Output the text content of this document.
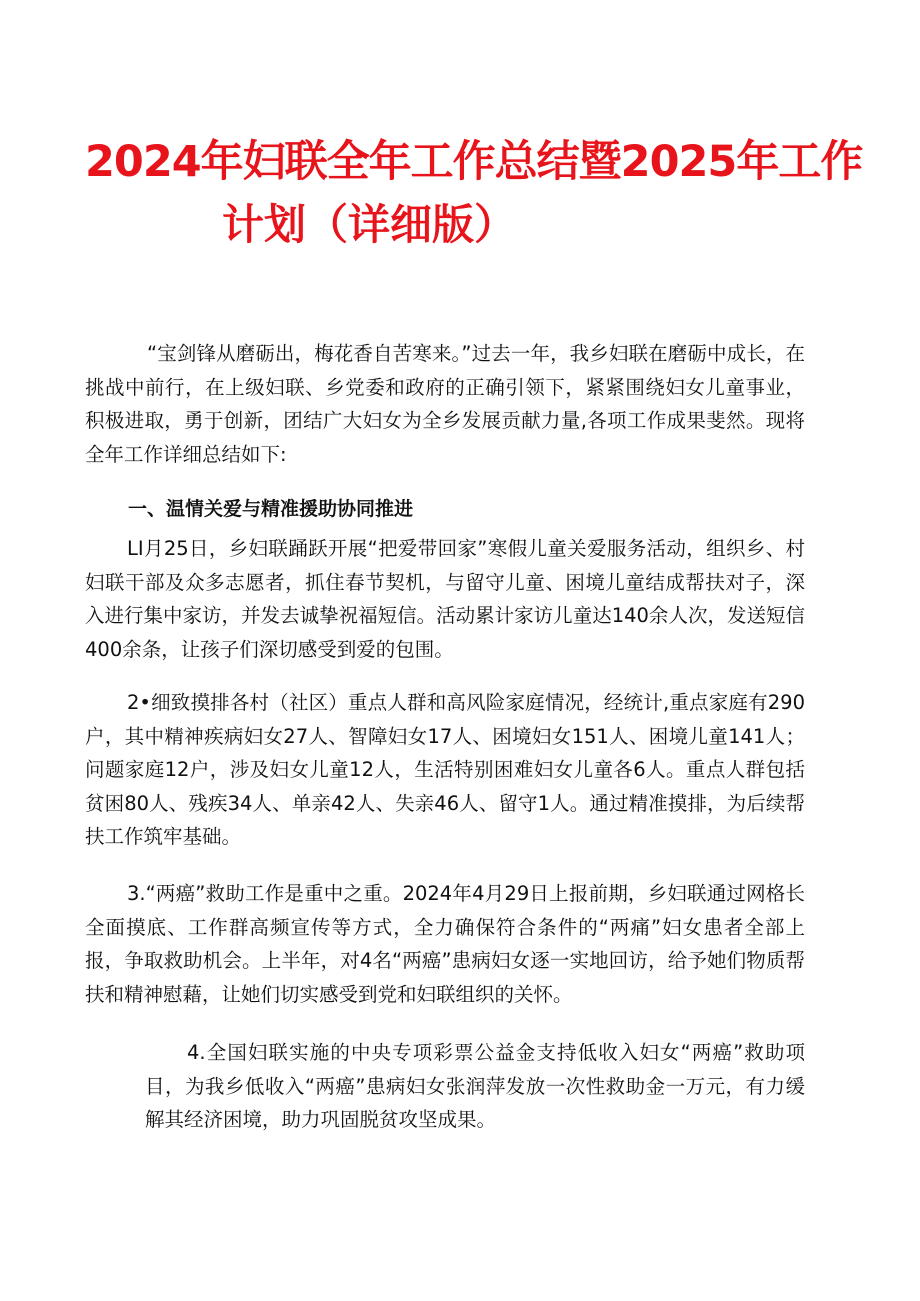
2024年妇联全年工作总结暨2025年工作
计划（详细版）

“宝剑锋从磨砺出，梅花香自苦寒来。”过去一年，我乡妇联在磨砺中成长，在挑战中前行，在上级妇联、乡党委和政府的正确引领下，紧紧围绕妇女儿童事业，积极进取，勇于创新，团结广大妇女为全乡发展贡献力量,各项工作成果斐然。现将全年工作详细总结如下:

一、温情关爱与精准援助协同推进

LI月25日，乡妇联踊跃开展“把爱带回家”寒假儿童关爱服务活动，组织乡、村妇联干部及众多志愿者，抓住春节契机，与留守儿童、困境儿童结成帮扶对子，深入进行集中家访，并发去诚挚祝福短信。活动累计家访儿童达140余人次，发送短信400余条，让孩子们深切感受到爱的包围。

2•细致摸排各村（社区）重点人群和高风险家庭情况，经统计,重点家庭有290户，其中精神疾病妇女27人、智障妇女17人、困境妇女151人、困境儿童141人；问题家庭12户，涉及妇女儿童12人，生活特别困难妇女儿童各6人。重点人群包括贫困80人、残疾34人、单亲42人、失亲46人、留守1人。通过精准摸排，为后续帮扶工作筑牢基础。

3.“两癌”救助工作是重中之重。2024年4月29日上报前期，乡妇联通过网格长全面摸底、工作群高频宣传等方式，全力确保符合条件的“两痛”妇女患者全部上报，争取救助机会。上半年，对4名“两癌”患病妇女逐一实地回访，给予她们物质帮扶和精神慰藉，让她们切实感受到党和妇联组织的关怀。

4.全国妇联实施的中央专项彩票公益金支持低收入妇女“两癌”救助项目，为我乡低收入“两癌”患病妇女张润萍发放一次性救助金一万元，有力缓解其经济困境，助力巩固脱贫攻坚成果。
